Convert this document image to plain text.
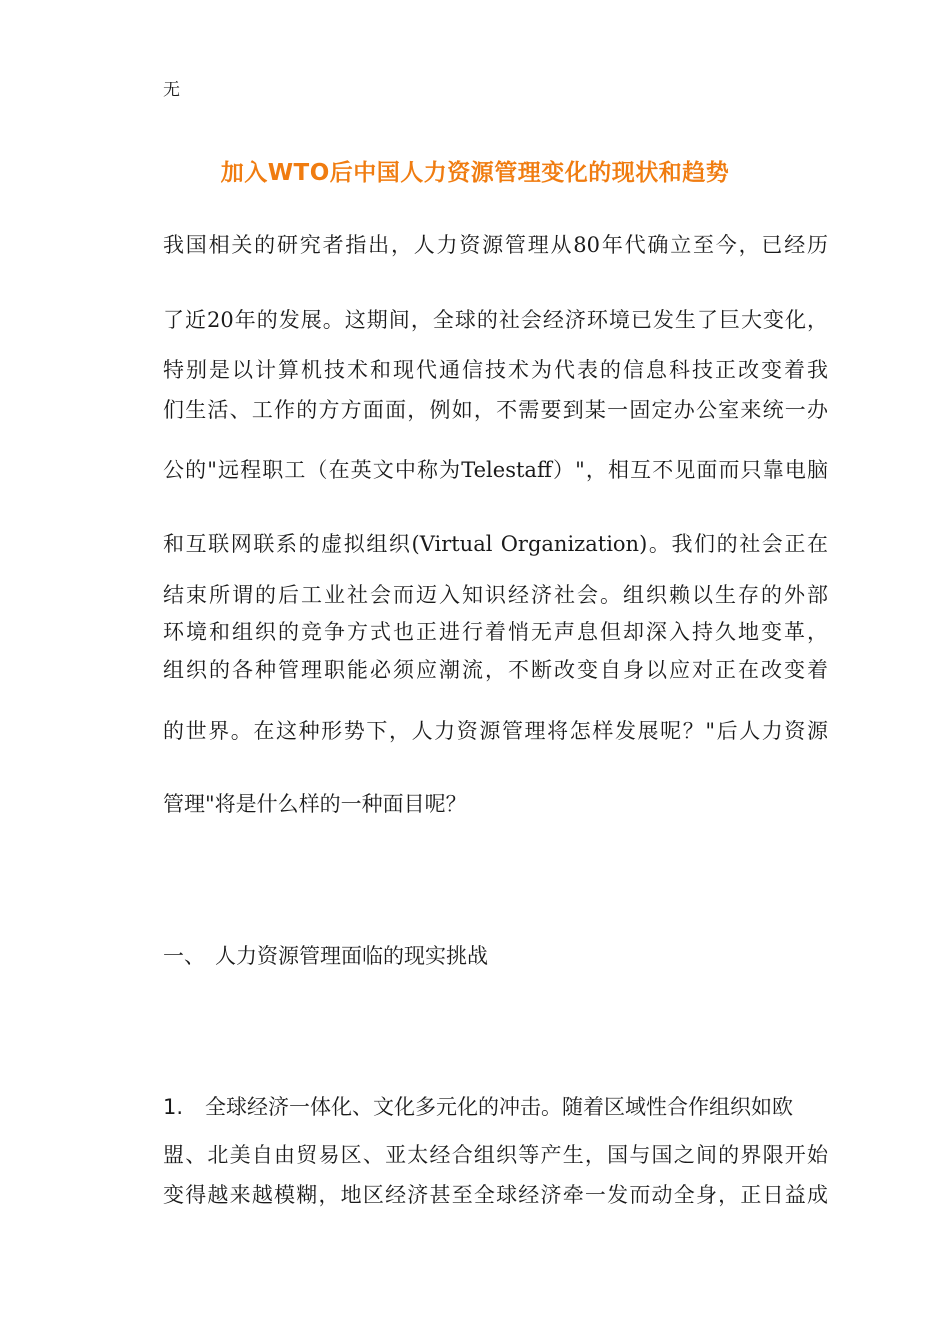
无
加入WTO后中国人力资源管理变化的现状和趋势
我国相关的研究者指出，人力资源管理从80年代确立至今，已经历
了近20年的发展。这期间，全球的社会经济环境已发生了巨大变化，
特别是以计算机技术和现代通信技术为代表的信息科技正改变着我
们生活、工作的方方面面，例如，不需要到某一固定办公室来统一办
公的"远程职工（在英文中称为Telestaff）"，相互不见面而只靠电脑
和互联网联系的虚拟组织(Virtual Organization)。我们的社会正在
结束所谓的后工业社会而迈入知识经济社会。组织赖以生存的外部
环境和组织的竞争方式也正进行着悄无声息但却深入持久地变革，
组织的各种管理职能必须应潮流，不断改变自身以应对正在改变着
的世界。在这种形势下，人力资源管理将怎样发展呢？"后人力资源
管理"将是什么样的一种面目呢？
一、 人力资源管理面临的现实挑战
1. 全球经济一体化、文化多元化的冲击。随着区域性合作组织如欧
盟、北美自由贸易区、亚太经合组织等产生，国与国之间的界限开始
变得越来越模糊，地区经济甚至全球经济牵一发而动全身，正日益成
